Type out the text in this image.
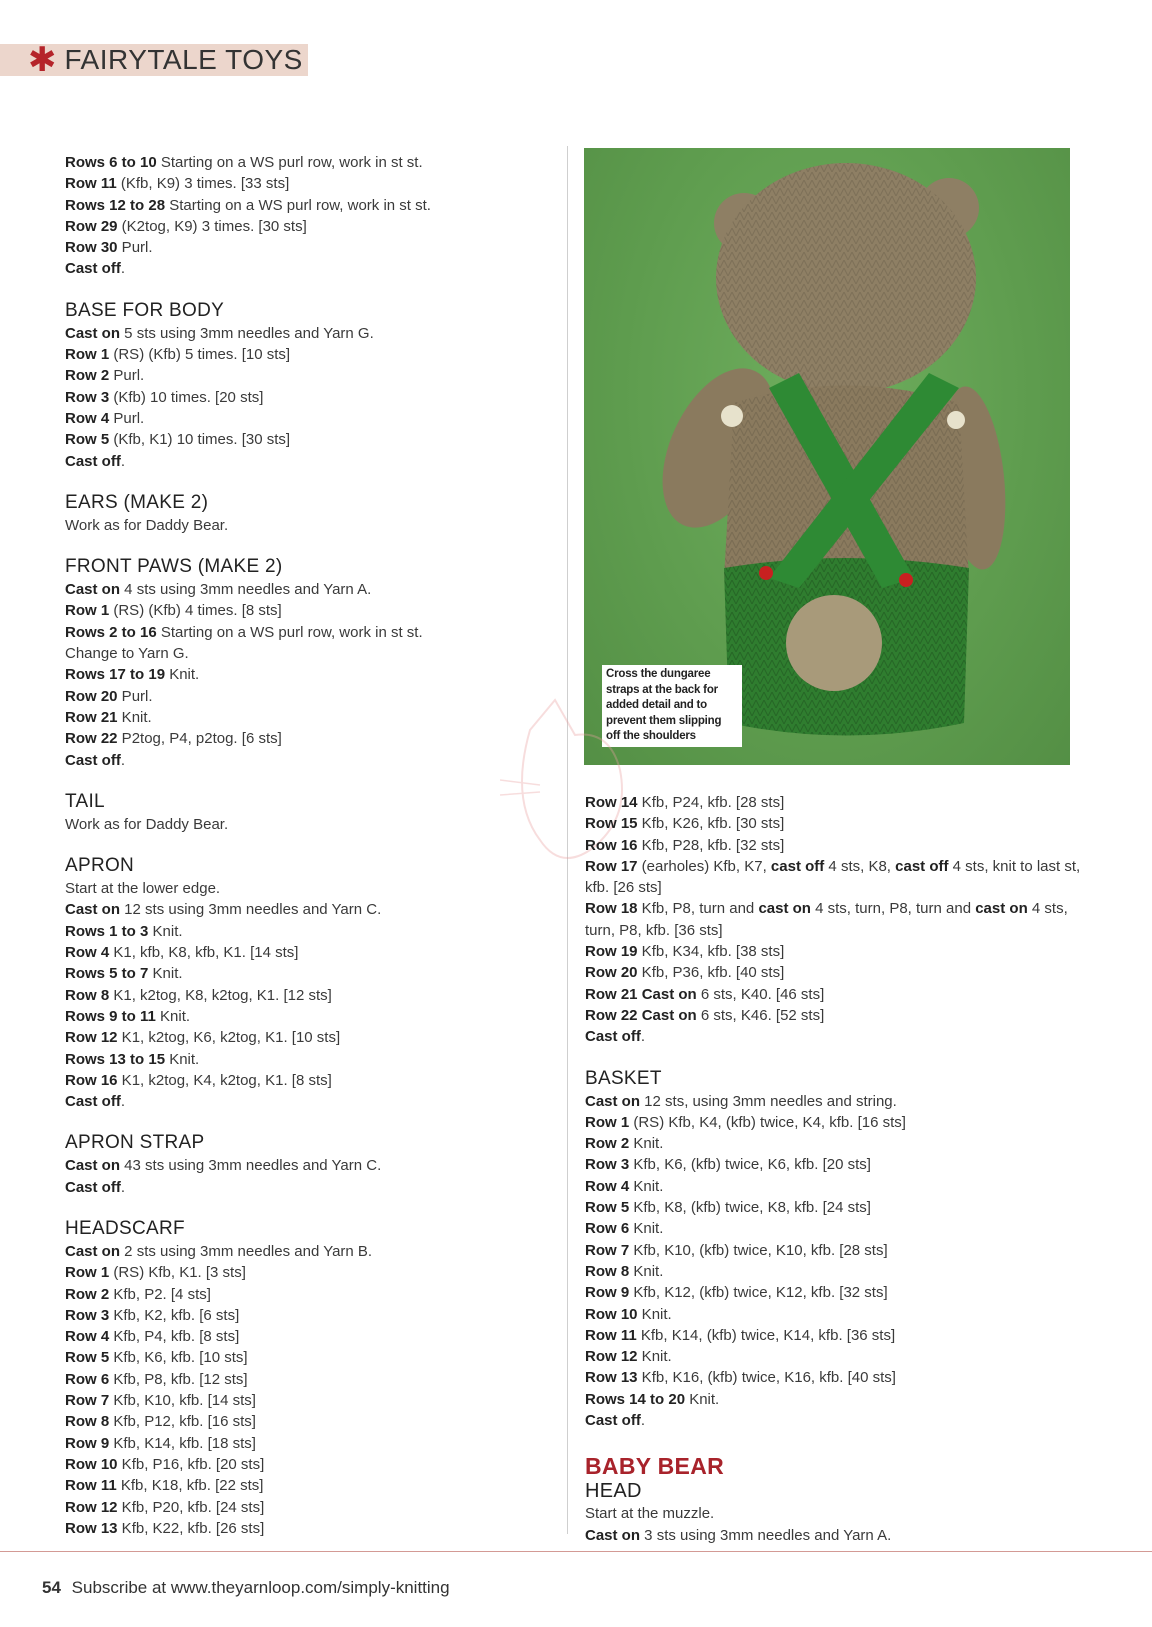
✱ FAIRYTALE TOYS

Rows 6 to 10 Starting on a WS purl row, work in st st.

Row 11 (Kfb, K9) 3 times. [33 sts]

Rows 12 to 28 Starting on a WS purl row, work in st st.

Row 29 (K2tog, K9) 3 times. [30 sts]

Row 30 Purl.

Cast off.

BASE FOR BODY

Cast on 5 sts using 3mm needles and Yarn G.

Row 1 (RS) (Kfb) 5 times. [10 sts]

Row 2 Purl.

Row 3 (Kfb) 10 times. [20 sts]

Row 4 Purl.

Row 5 (Kfb, K1) 10 times. [30 sts]

Cast off.

EARS (MAKE 2)

Work as for Daddy Bear.

FRONT PAWS (MAKE 2)

Cast on 4 sts using 3mm needles and Yarn A.

Row 1 (RS) (Kfb) 4 times. [8 sts]

Rows 2 to 16 Starting on a WS purl row, work in st st.

Change to Yarn G.

Rows 17 to 19 Knit.

Row 20 Purl.

Row 21 Knit.

Row 22 P2tog, P4, p2tog. [6 sts]

Cast off.

TAIL

Work as for Daddy Bear.

APRON

Start at the lower edge.

Cast on 12 sts using 3mm needles and Yarn C.

Rows 1 to 3 Knit.

Row 4 K1, kfb, K8, kfb, K1. [14 sts]

Rows 5 to 7 Knit.

Row 8 K1, k2tog, K8, k2tog, K1. [12 sts]

Rows 9 to 11 Knit.

Row 12 K1, k2tog, K6, k2tog, K1. [10 sts]

Rows 13 to 15 Knit.

Row 16 K1, k2tog, K4, k2tog, K1. [8 sts]

Cast off.

APRON STRAP

Cast on 43 sts using 3mm needles and Yarn C.

Cast off.

HEADSCARF

Cast on 2 sts using 3mm needles and Yarn B.

Row 1 (RS) Kfb, K1. [3 sts]

Row 2 Kfb, P2. [4 sts]

Row 3 Kfb, K2, kfb. [6 sts]

Row 4 Kfb, P4, kfb. [8 sts]

Row 5 Kfb, K6, kfb. [10 sts]

Row 6 Kfb, P8, kfb. [12 sts]

Row 7 Kfb, K10, kfb. [14 sts]

Row 8 Kfb, P12, kfb. [16 sts]

Row 9 Kfb, K14, kfb. [18 sts]

Row 10 Kfb, P16, kfb. [20 sts]

Row 11 Kfb, K18, kfb. [22 sts]

Row 12 Kfb, P20, kfb. [24 sts]

Row 13 Kfb, K22, kfb. [26 sts]

Cross the dungaree straps at the back for added detail and to prevent them slipping off the shoulders

Row 14 Kfb, P24, kfb. [28 sts]

Row 15 Kfb, K26, kfb. [30 sts]

Row 16 Kfb, P28, kfb. [32 sts]

Row 17 (earholes) Kfb, K7, cast off 4 sts, K8, cast off 4 sts, knit to last st, kfb. [26 sts]

Row 18 Kfb, P8, turn and cast on 4 sts, turn, P8, turn and cast on 4 sts, turn, P8, kfb. [36 sts]

Row 19 Kfb, K34, kfb. [38 sts]

Row 20 Kfb, P36, kfb. [40 sts]

Row 21 Cast on 6 sts, K40. [46 sts]

Row 22 Cast on 6 sts, K46. [52 sts]

Cast off.

BASKET

Cast on 12 sts, using 3mm needles and string.

Row 1 (RS) Kfb, K4, (kfb) twice, K4, kfb. [16 sts]

Row 2 Knit.

Row 3 Kfb, K6, (kfb) twice, K6, kfb. [20 sts]

Row 4 Knit.

Row 5 Kfb, K8, (kfb) twice, K8, kfb. [24 sts]

Row 6 Knit.

Row 7 Kfb, K10, (kfb) twice, K10, kfb. [28 sts]

Row 8 Knit.

Row 9 Kfb, K12, (kfb) twice, K12, kfb. [32 sts]

Row 10 Knit.

Row 11 Kfb, K14, (kfb) twice, K14, kfb. [36 sts]

Row 12 Knit.

Row 13 Kfb, K16, (kfb) twice, K16, kfb. [40 sts]

Rows 14 to 20 Knit.

Cast off.

BABY BEAR

HEAD

Start at the muzzle.

Cast on 3 sts using 3mm needles and Yarn A.

54 Subscribe at www.theyarnloop.com/simply-knitting
